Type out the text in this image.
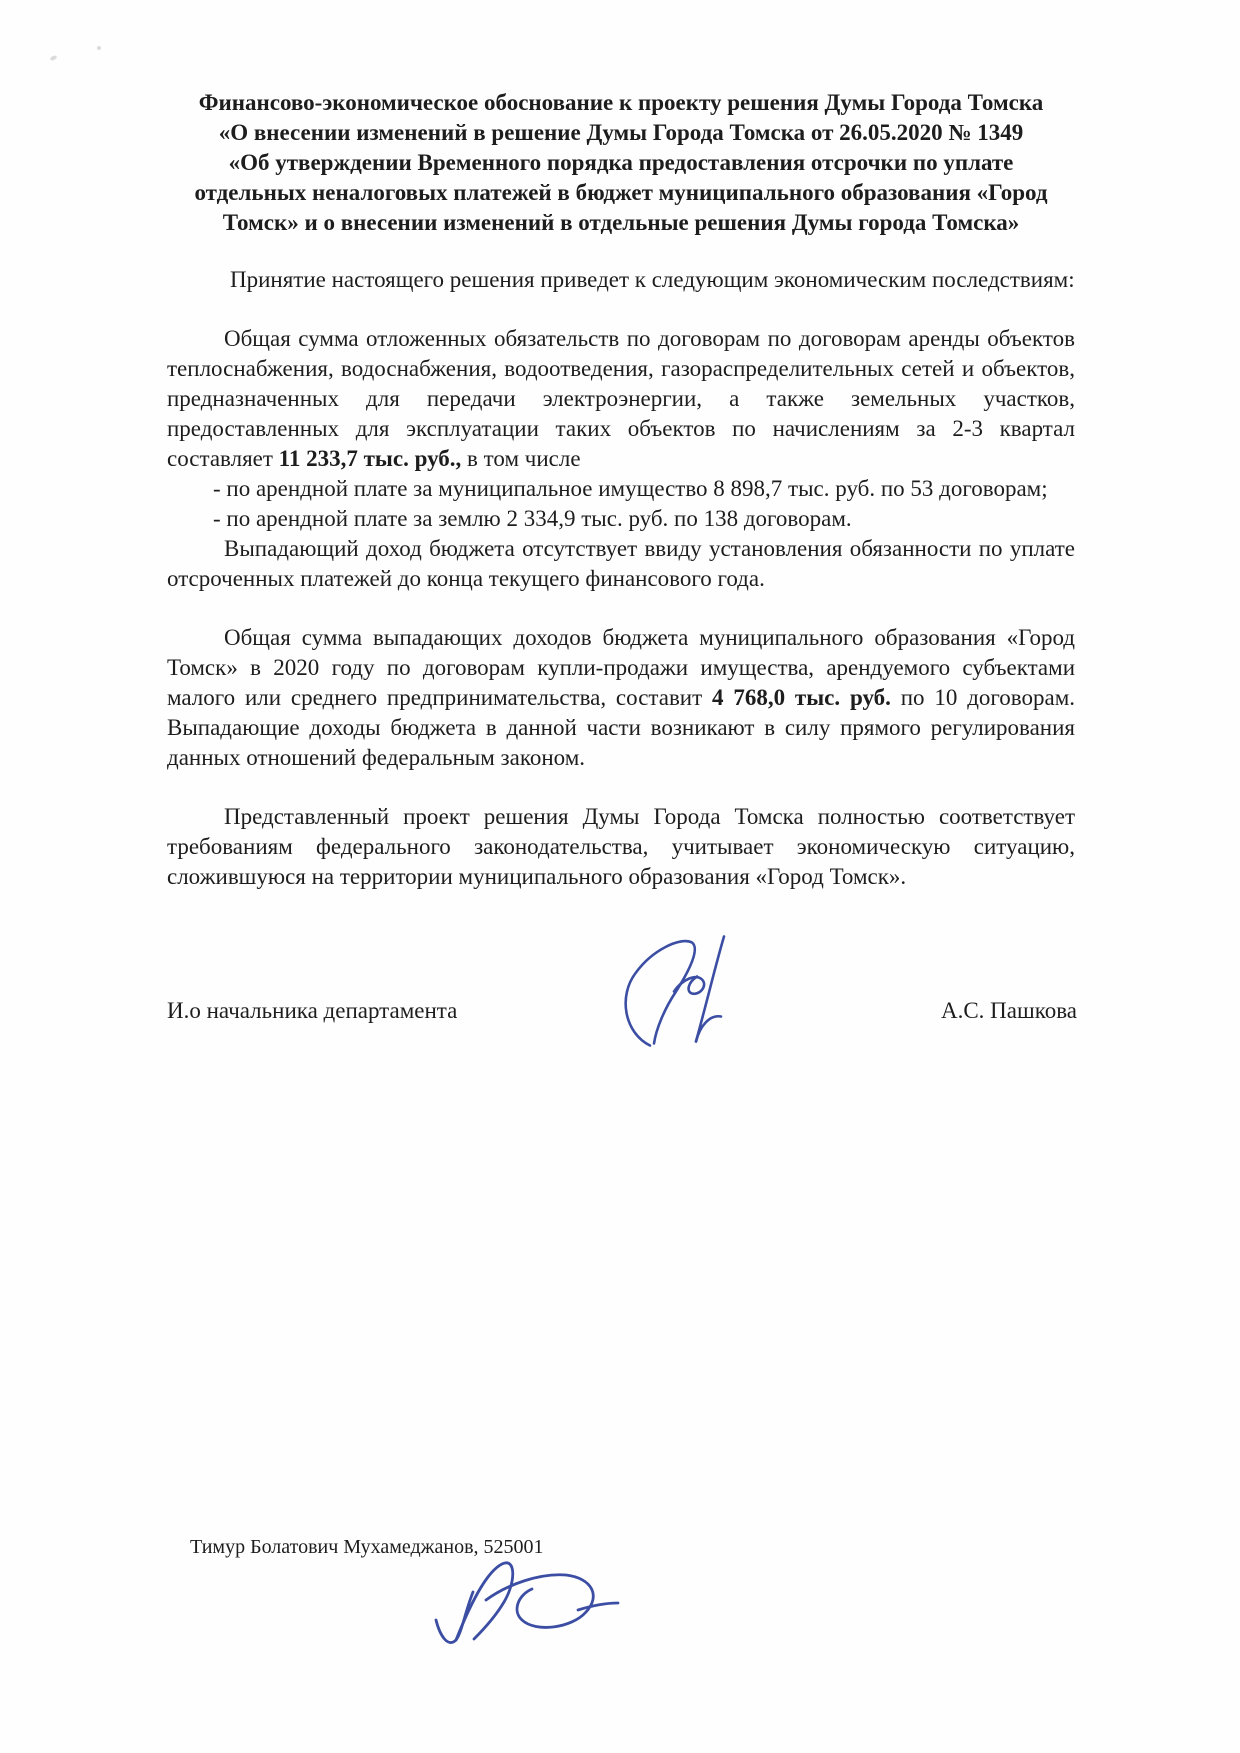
Финансово-экономическое обоснование к проекту решения Думы Города Томска
«О внесении изменений в решение Думы Города Томска от 26.05.2020 № 1349
«Об утверждении Временного порядка предоставления отсрочки по уплате
отдельных неналоговых платежей в бюджет муниципального образования «Город
Томск» и о внесении изменений в отдельные решения Думы города Томска»

Принятие настоящего решения приведет к следующим экономическим последствиям:

Общая сумма отложенных обязательств по договорам по договорам аренды объектов теплоснабжения, водоснабжения, водоотведения, газораспределительных сетей и объектов, предназначенных для передачи электроэнергии, а также земельных участков, предоставленных для эксплуатации таких объектов по начислениям за 2-3 квартал составляет 11 233,7 тыс. руб., в том числе

- по арендной плате за муниципальное имущество 8 898,7 тыс. руб. по 53 договорам;
- по арендной плате за землю 2 334,9 тыс. руб. по 138 договорам.

Выпадающий доход бюджета отсутствует ввиду установления обязанности по уплате отсроченных платежей до конца текущего финансового года.

Общая сумма выпадающих доходов бюджета муниципального образования «Город Томск» в 2020 году по договорам купли-продажи имущества, арендуемого субъектами малого или среднего предпринимательства, составит 4 768,0 тыс. руб. по 10 договорам. Выпадающие доходы бюджета в данной части возникают в силу прямого регулирования данных отношений федеральным законом.

Представленный проект решения Думы Города Томска полностью соответствует требованиям федерального законодательства, учитывает экономическую ситуацию, сложившуюся на территории муниципального образования «Город Томск».

И.о начальника департамента	А.С. Пашкова
Тимур Болатович Мухамеджанов, 525001
